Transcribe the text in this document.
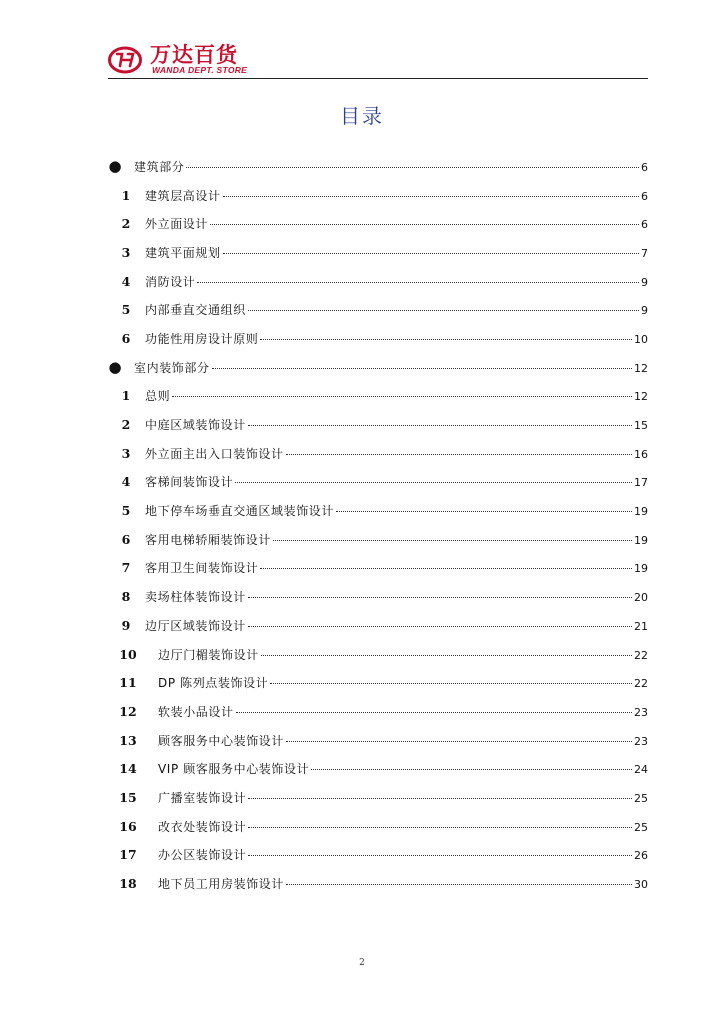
万达百货
WANDA DEPT. STORE
目录
● 建筑部分	6
1	建筑层高设计	6
2	外立面设计	6
3	建筑平面规划	7
4	消防设计	9
5	内部垂直交通组织	9
6	功能性用房设计原则	10
● 室内装饰部分	12
1	总则	12
2	中庭区域装饰设计	15
3	外立面主出入口装饰设计	16
4	客梯间装饰设计	17
5	地下停车场垂直交通区域装饰设计	19
6	客用电梯轿厢装饰设计	19
7	客用卫生间装饰设计	19
8	卖场柱体装饰设计	20
9	边厅区域装饰设计	21
10	边厅门楣装饰设计	22
11	DP 陈列点装饰设计	22
12	软装小品设计	23
13	顾客服务中心装饰设计	23
14	VIP 顾客服务中心装饰设计	24
15	广播室装饰设计	25
16	改衣处装饰设计	25
17	办公区装饰设计	26
18	地下员工用房装饰设计	30
2
